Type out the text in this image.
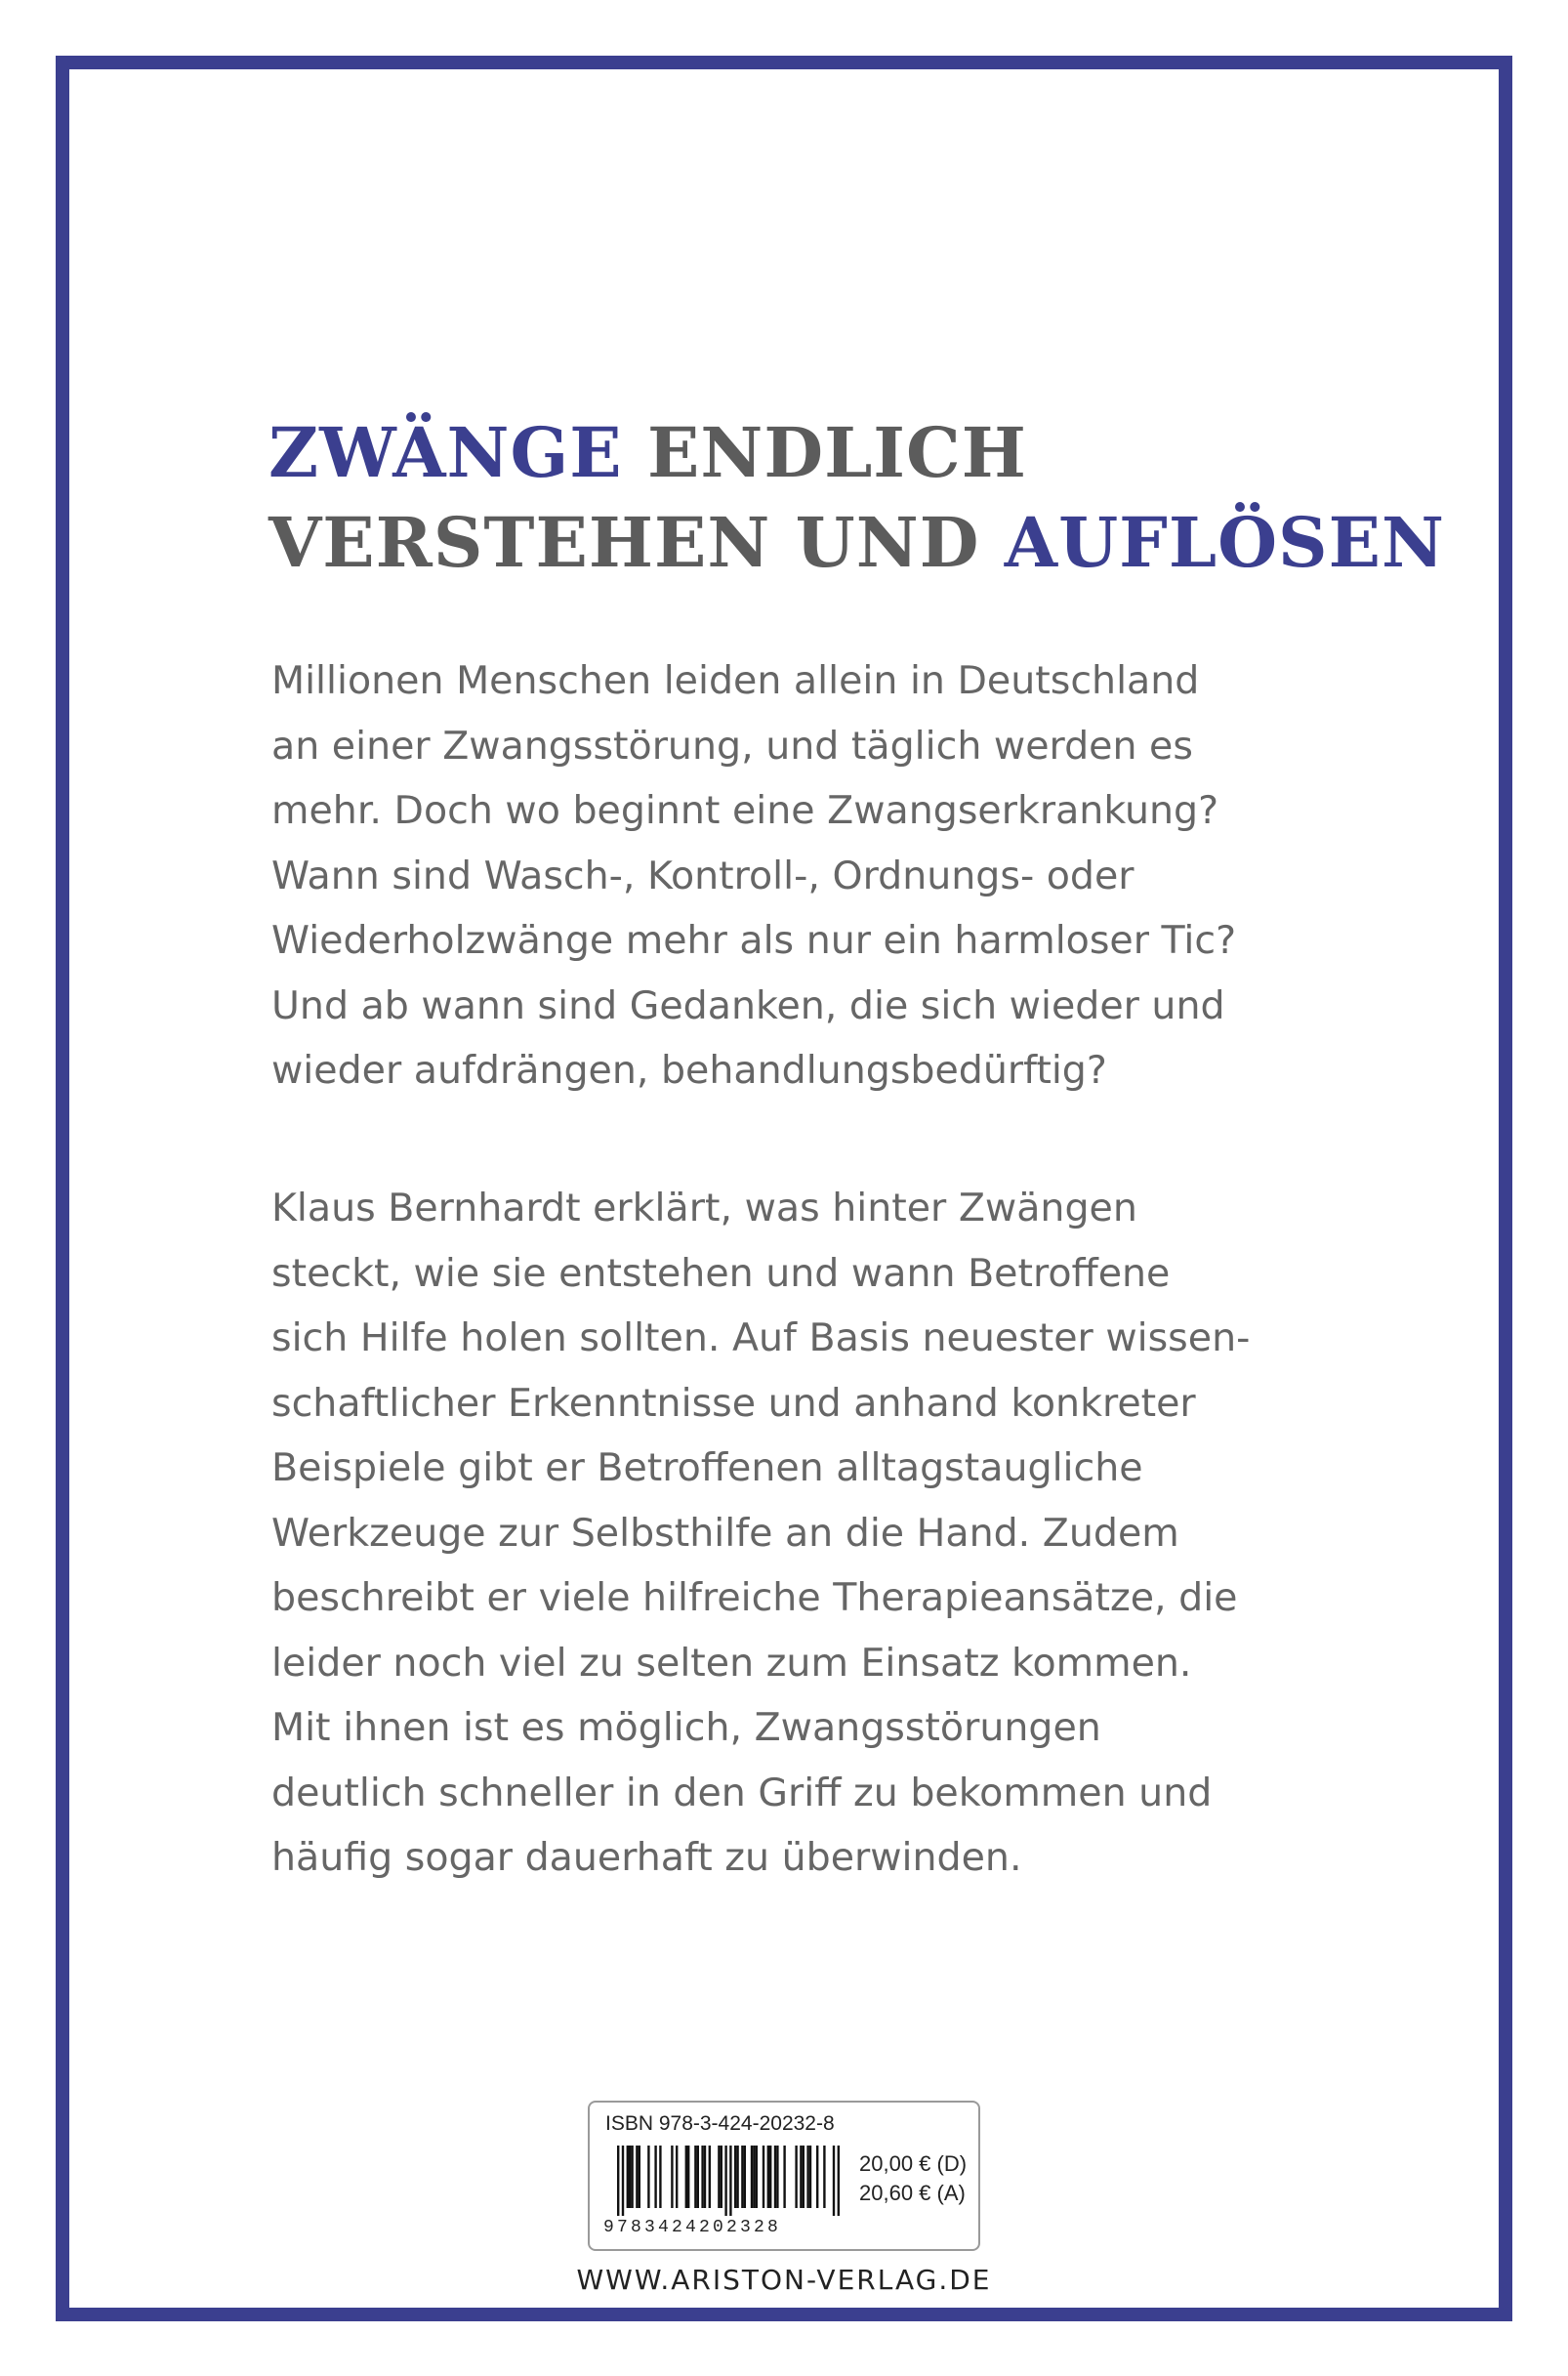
ZWÄNGE ENDLICH
VERSTEHEN UND AUFLÖSEN

Millionen Menschen leiden allein in Deutschland
an einer Zwangsstörung, und täglich werden es
mehr. Doch wo beginnt eine Zwangserkrankung?
Wann sind Wasch-, Kontroll-, Ordnungs- oder
Wiederholzwänge mehr als nur ein harmloser Tic?
Und ab wann sind Gedanken, die sich wieder und
wieder aufdrängen, behandlungsbedürftig?

Klaus Bernhardt erklärt, was hinter Zwängen
steckt, wie sie entstehen und wann Betroffene
sich Hilfe holen sollten. Auf Basis neuester wissen-
schaftlicher Erkenntnisse und anhand konkreter
Beispiele gibt er Betroffenen alltagstaugliche
Werkzeuge zur Selbsthilfe an die Hand. Zudem
beschreibt er viele hilfreiche Therapieansätze, die
leider noch viel zu selten zum Einsatz kommen.
Mit ihnen ist es möglich, Zwangsstörungen
deutlich schneller in den Griff zu bekommen und
häufig sogar dauerhaft zu überwinden.

ISBN 978-3-424-20232-8
9783424202328
20,00 € (D)
20,60 € (A)
WWW.ARISTON-VERLAG.DE
